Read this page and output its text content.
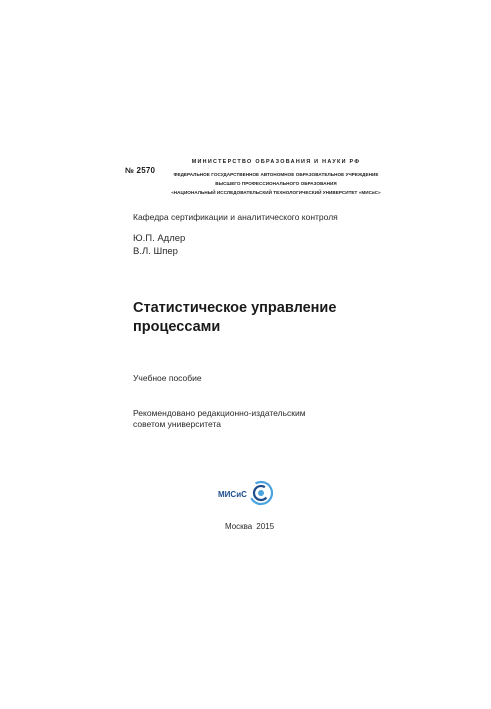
№ 2570
МИНИСТЕРСТВО ОБРАЗОВАНИЯ И НАУКИ РФ
ФЕДЕРАЛЬНОЕ ГОСУДАРСТВЕННОЕ АВТОНОМНОЕ ОБРАЗОВАТЕЛЬНОЕ УЧРЕЖДЕНИЕ
ВЫСШЕГО ПРОФЕССИОНАЛЬНОГО ОБРАЗОВАНИЯ
«НАЦИОНАЛЬНЫЙ ИССЛЕДОВАТЕЛЬСКИЙ ТЕХНОЛОГИЧЕСКИЙ УНИВЕРСИТЕТ «МИСиС»
Кафедра сертификации и аналитического контроля
Ю.П. Адлер
В.Л. Шпер
Статистическое управление
процессами
Учебное пособие
Рекомендовано редакционно-издательским
советом университета
МИСиС
Москва 2015
